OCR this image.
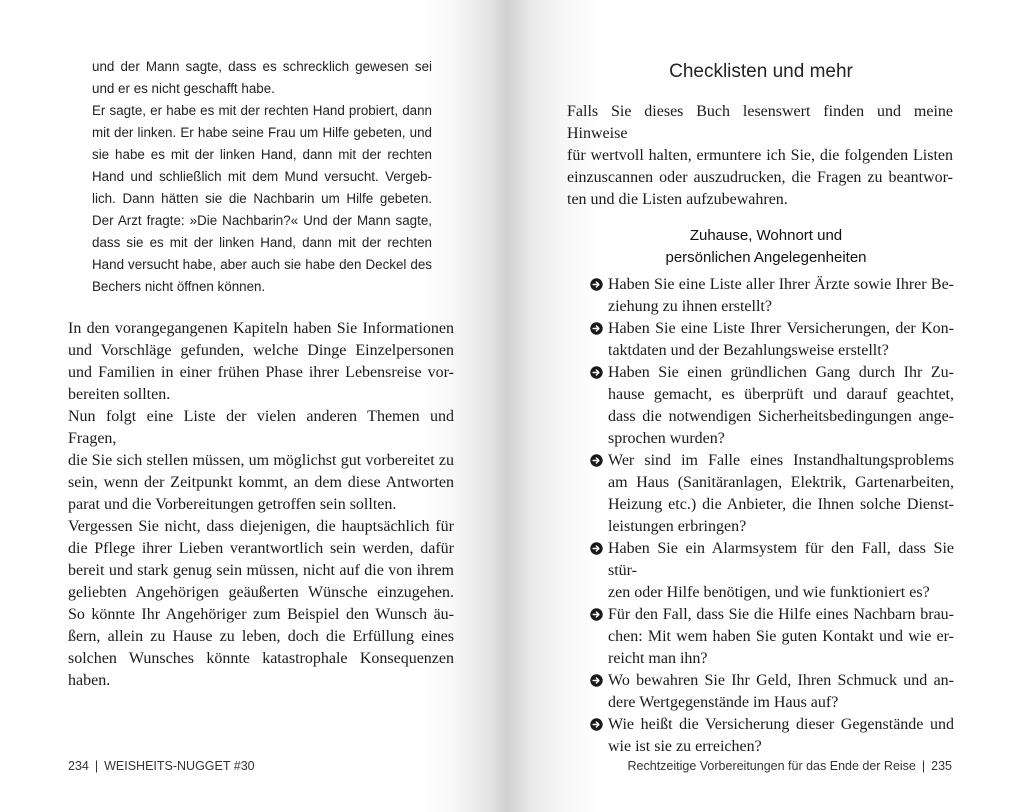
und der Mann sagte, dass es schrecklich gewesen sei
und er es nicht geschafft habe.
Er sagte, er habe es mit der rechten Hand probiert, dann
mit der linken. Er habe seine Frau um Hilfe gebeten, und
sie habe es mit der linken Hand, dann mit der rechten
Hand und schließlich mit dem Mund versucht. Vergeb-
lich. Dann hätten sie die Nachbarin um Hilfe gebeten.
Der Arzt fragte: »Die Nachbarin?« Und der Mann sagte,
dass sie es mit der linken Hand, dann mit der rechten
Hand versucht habe, aber auch sie habe den Deckel des
Bechers nicht öffnen können.
In den vorangegangenen Kapiteln haben Sie Informationen
und Vorschläge gefunden, welche Dinge Einzelpersonen
und Familien in einer frühen Phase ihrer Lebensreise vor-
bereiten sollten.
Nun folgt eine Liste der vielen anderen Themen und Fragen,
die Sie sich stellen müssen, um möglichst gut vorbereitet zu
sein, wenn der Zeitpunkt kommt, an dem diese Antworten
parat und die Vorbereitungen getroffen sein sollten.
Vergessen Sie nicht, dass diejenigen, die hauptsächlich für
die Pflege ihrer Lieben verantwortlich sein werden, dafür
bereit und stark genug sein müssen, nicht auf die von ihrem
geliebten Angehörigen geäußerten Wünsche einzugehen.
So könnte Ihr Angehöriger zum Beispiel den Wunsch äu-
ßern, allein zu Hause zu leben, doch die Erfüllung eines
solchen Wunsches könnte katastrophale Konsequenzen
haben.
234 | WEISHEITS-NUGGET #30
Checklisten und mehr
Falls Sie dieses Buch lesenswert finden und meine Hinweise
für wertvoll halten, ermuntere ich Sie, die folgenden Listen
einzuscannen oder auszudrucken, die Fragen zu beantwor-
ten und die Listen aufzubewahren.
Zuhause, Wohnort und
persönlichen Angelegenheiten
Haben Sie eine Liste aller Ihrer Ärzte sowie Ihrer Be-
ziehung zu ihnen erstellt?
Haben Sie eine Liste Ihrer Versicherungen, der Kon-
taktdaten und der Bezahlungsweise erstellt?
Haben Sie einen gründlichen Gang durch Ihr Zu-
hause gemacht, es überprüft und darauf geachtet,
dass die notwendigen Sicherheitsbedingungen ange-
sprochen wurden?
Wer sind im Falle eines Instandhaltungsproblems
am Haus (Sanitäranlagen, Elektrik, Gartenarbeiten,
Heizung etc.) die Anbieter, die Ihnen solche Dienst-
leistungen erbringen?
Haben Sie ein Alarmsystem für den Fall, dass Sie stür-
zen oder Hilfe benötigen, und wie funktioniert es?
Für den Fall, dass Sie die Hilfe eines Nachbarn brau-
chen: Mit wem haben Sie guten Kontakt und wie er-
reicht man ihn?
Wo bewahren Sie Ihr Geld, Ihren Schmuck und an-
dere Wertgegenstände im Haus auf?
Wie heißt die Versicherung dieser Gegenstände und
wie ist sie zu erreichen?
Rechtzeitige Vorbereitungen für das Ende der Reise | 235
